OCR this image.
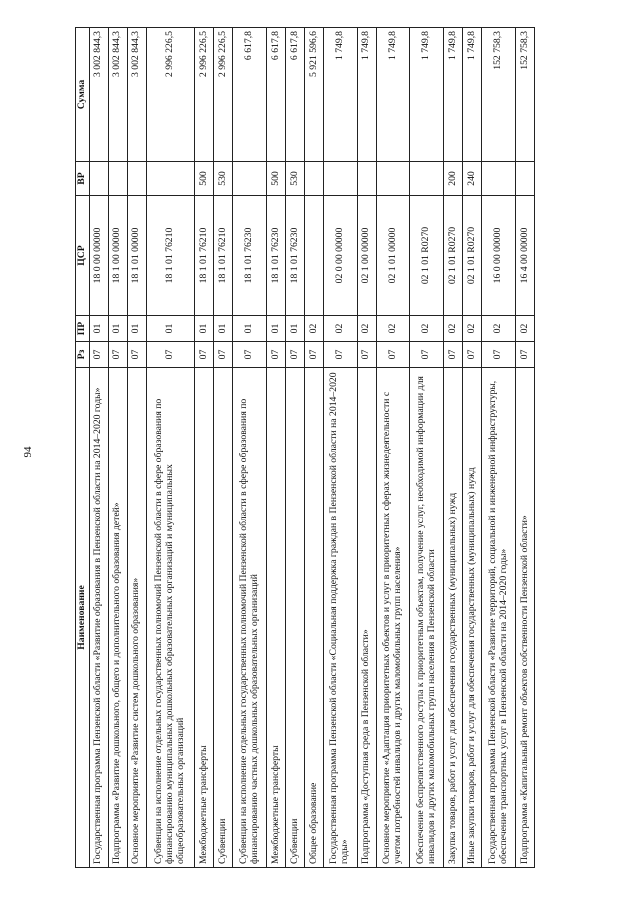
94
Наименование	Рз	ПР	ЦСР	ВР	Сумма
Государственная программа Пензенской области «Развитие образования в Пензенской области на 2014–2020 годы»	07	01	18 0 00 00000		3 002 844,3
Подпрограмма «Развитие дошкольного, общего и дополнительного образования детей»	07	01	18 1 00 00000		3 002 844,3
Основное мероприятие «Развитие систем дошкольного образования»	07	01	18 1 01 00000		3 002 844,3
Субвенции на исполнение отдельных государственных полномочий Пензенской области в сфере образования по финансированию муниципальных дошкольных образовательных организаций и муниципальных общеобразовательных организаций	07	01	18 1 01 76210		2 996 226,5
Межбюджетные трансферты	07	01	18 1 01 76210	500	2 996 226,5
Субвенции	07	01	18 1 01 76210	530	2 996 226,5
Субвенции на исполнение отдельных государственных полномочий Пензенской области в сфере образования по финансированию частных дошкольных образовательных организаций	07	01	18 1 01 76230		6 617,8
Межбюджетные трансферты	07	01	18 1 01 76230	500	6 617,8
Субвенции	07	01	18 1 01 76230	530	6 617,8
Общее образование	07	02			5 921 596,6
Государственная программа Пензенской области «Социальная поддержка граждан в Пензенской области на 2014–2020 годы»	07	02	02 0 00 00000		1 749,8
Подпрограмма «Доступная среда в Пензенской области»	07	02	02 1 00 00000		1 749,8
Основное мероприятие «Адаптация приоритетных объектов и услуг в приоритетных сферах жизнедеятельности с учетом потребностей инвалидов и других маломобильных групп населения»	07	02	02 1 01 00000		1 749,8
Обеспечение беспрепятственного доступа к приоритетным объектам, получение услуг, необходимой информации для инвалидов и других маломобильных групп населения в Пензенской области	07	02	02 1 01 R0270		1 749,8
Закупка товаров, работ и услуг для обеспечения государственных (муниципальных) нужд	07	02	02 1 01 R0270	200	1 749,8
Иные закупки товаров, работ и услуг для обеспечения государственных (муниципальных) нужд	07	02	02 1 01 R0270	240	1 749,8
Государственная программа Пензенской области «Развитие территорий, социальной и инженерной инфраструктуры, обеспечение транспортных услуг в Пензенской области на 2014–2020 годы»	07	02	16 0 00 00000		152 758,3
Подпрограмма «Капитальный ремонт объектов собственности Пензенской области»	07	02	16 4 00 00000		152 758,3
